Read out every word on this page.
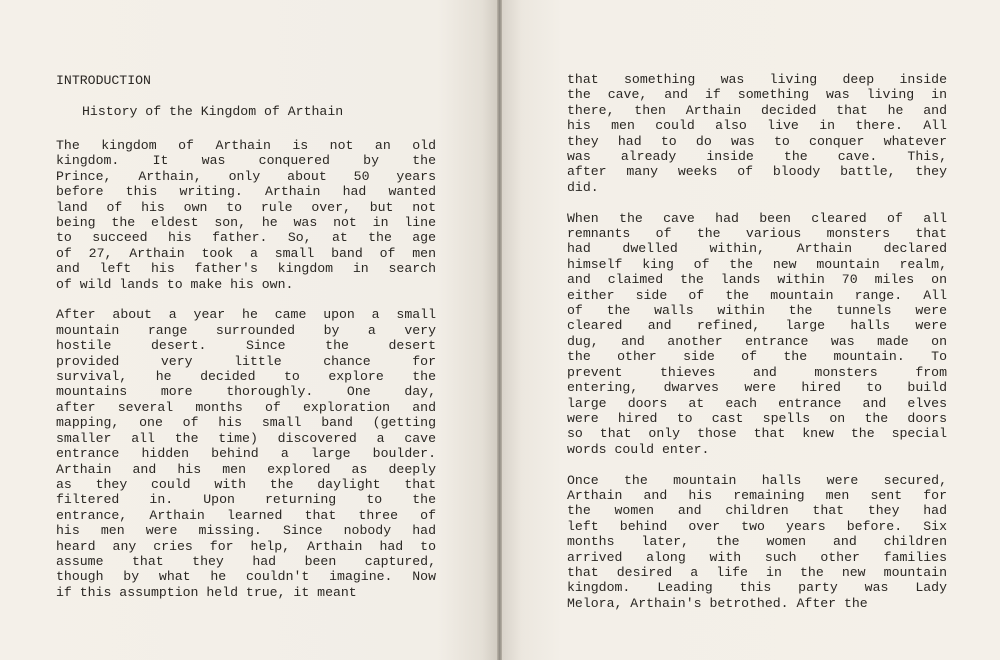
INTRODUCTION
History of the Kingdom of Arthain
The kingdom of Arthain is not an old
kingdom. It was conquered by the
Prince, Arthain, only about 50 years
before this writing. Arthain had wanted
land of his own to rule over, but not
being the eldest son, he was not in line
to succeed his father. So, at the age
of 27, Arthain took a small band of men
and left his father's kingdom in search
of wild lands to make his own.
After about a year he came upon a small
mountain range surrounded by a very
hostile desert. Since the desert
provided very little chance for
survival, he decided to explore the
mountains more thoroughly. One day,
after several months of exploration and
mapping, one of his small band (getting
smaller all the time) discovered a cave
entrance hidden behind a large boulder.
Arthain and his men explored as deeply
as they could with the daylight that
filtered in. Upon returning to the
entrance, Arthain learned that three of
his men were missing. Since nobody had
heard any cries for help, Arthain had to
assume that they had been captured,
though by what he couldn't imagine. Now
if this assumption held true, it meant
that something was living deep inside
the cave, and if something was living in
there, then Arthain decided that he and
his men could also live in there. All
they had to do was to conquer whatever
was already inside the cave. This,
after many weeks of bloody battle, they
did.
When the cave had been cleared of all
remnants of the various monsters that
had dwelled within, Arthain declared
himself king of the new mountain realm,
and claimed the lands within 70 miles on
either side of the mountain range. All
of the walls within the tunnels were
cleared and refined, large halls were
dug, and another entrance was made on
the other side of the mountain. To
prevent thieves and monsters from
entering, dwarves were hired to build
large doors at each entrance and elves
were hired to cast spells on the doors
so that only those that knew the special
words could enter.
Once the mountain halls were secured,
Arthain and his remaining men sent for
the women and children that they had
left behind over two years before. Six
months later, the women and children
arrived along with such other families
that desired a life in the new mountain
kingdom. Leading this party was Lady
Melora, Arthain's betrothed. After the
